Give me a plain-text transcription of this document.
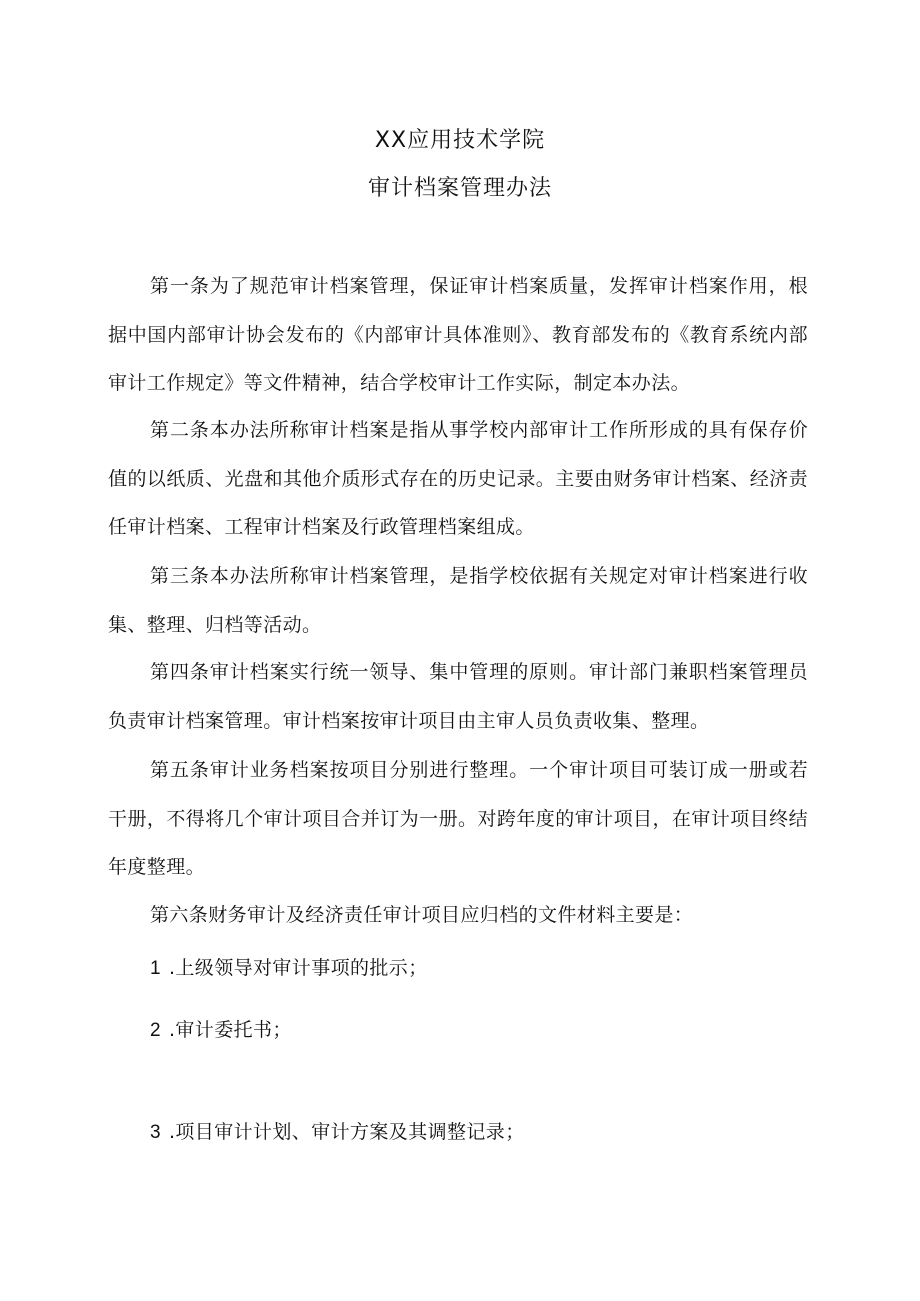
XX应用技术学院
审计档案管理办法

第一条为了规范审计档案管理，保证审计档案质量，发挥审计档案作用，根据中国内部审计协会发布的《内部审计具体准则》、教育部发布的《教育系统内部审计工作规定》等文件精神，结合学校审计工作实际，制定本办法。

第二条本办法所称审计档案是指从事学校内部审计工作所形成的具有保存价值的以纸质、光盘和其他介质形式存在的历史记录。主要由财务审计档案、经济责任审计档案、工程审计档案及行政管理档案组成。

第三条本办法所称审计档案管理，是指学校依据有关规定对审计档案进行收集、整理、归档等活动。

第四条审计档案实行统一领导、集中管理的原则。审计部门兼职档案管理员负责审计档案管理。审计档案按审计项目由主审人员负责收集、整理。

第五条审计业务档案按项目分别进行整理。一个审计项目可装订成一册或若干册，不得将几个审计项目合并订为一册。对跨年度的审计项目，在审计项目终结年度整理。

第六条财务审计及经济责任审计项目应归档的文件材料主要是：

1 .上级领导对审计事项的批示；
2 .审计委托书；
3 .项目审计计划、审计方案及其调整记录；
